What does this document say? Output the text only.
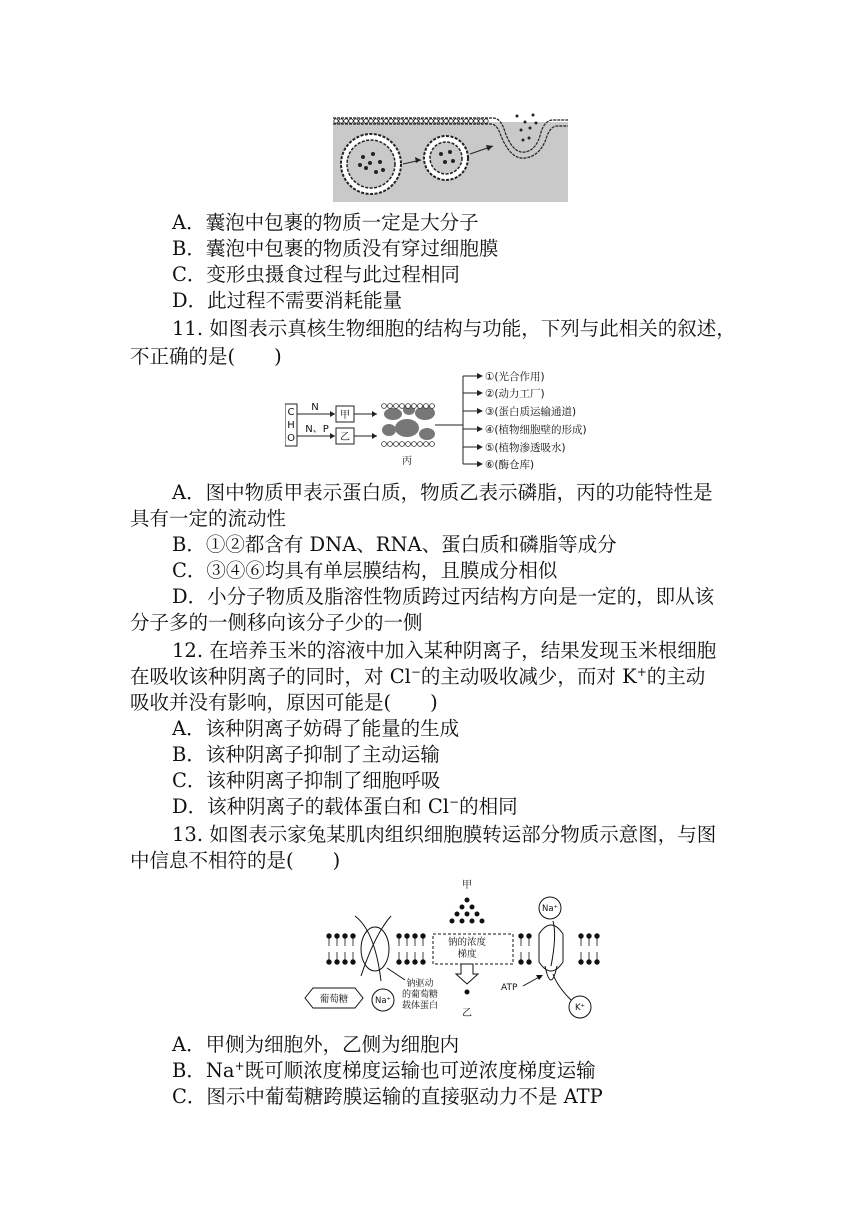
A．囊泡中包裹的物质一定是大分子
B．囊泡中包裹的物质没有穿过细胞膜
C．变形虫摄食过程与此过程相同
D．此过程不需要消耗能量
11. 如图表示真核生物细胞的结构与功能，下列与此相关的叙述，
不正确的是(　　)
C
H
O
N
N、P
甲
乙
丙
①(光合作用)
②(动力工厂)
③(蛋白质运输通道)
④(植物细胞壁的形成)
⑤(植物渗透吸水)
⑥(酶仓库)
A．图中物质甲表示蛋白质，物质乙表示磷脂，丙的功能特性是
具有一定的流动性
B．①②都含有 DNA、RNA、蛋白质和磷脂等成分
C．③④⑥均具有单层膜结构，且膜成分相似
D．小分子物质及脂溶性物质跨过丙结构方向是一定的，即从该
分子多的一侧移向该分子少的一侧
12. 在培养玉米的溶液中加入某种阴离子，结果发现玉米根细胞
在吸收该种阴离子的同时，对 Cl−的主动吸收减少，而对 K+的主动
吸收并没有影响，原因可能是(　　)
A．该种阴离子妨碍了能量的生成
B．该种阴离子抑制了主动运输
C．该种阴离子抑制了细胞呼吸
D．该种阴离子的载体蛋白和 Cl−的相同
13. 如图表示家兔某肌肉组织细胞膜转运部分物质示意图，与图
中信息不相符的是(　　)
甲
钠的浓度
梯度
乙
Na⁺
K⁺
ATP
葡萄糖	Na⁺
钠驱动
的葡萄糖
载体蛋白
A．甲侧为细胞外，乙侧为细胞内
B．Na+既可顺浓度梯度运输也可逆浓度梯度运输
C．图示中葡萄糖跨膜运输的直接驱动力不是 ATP
